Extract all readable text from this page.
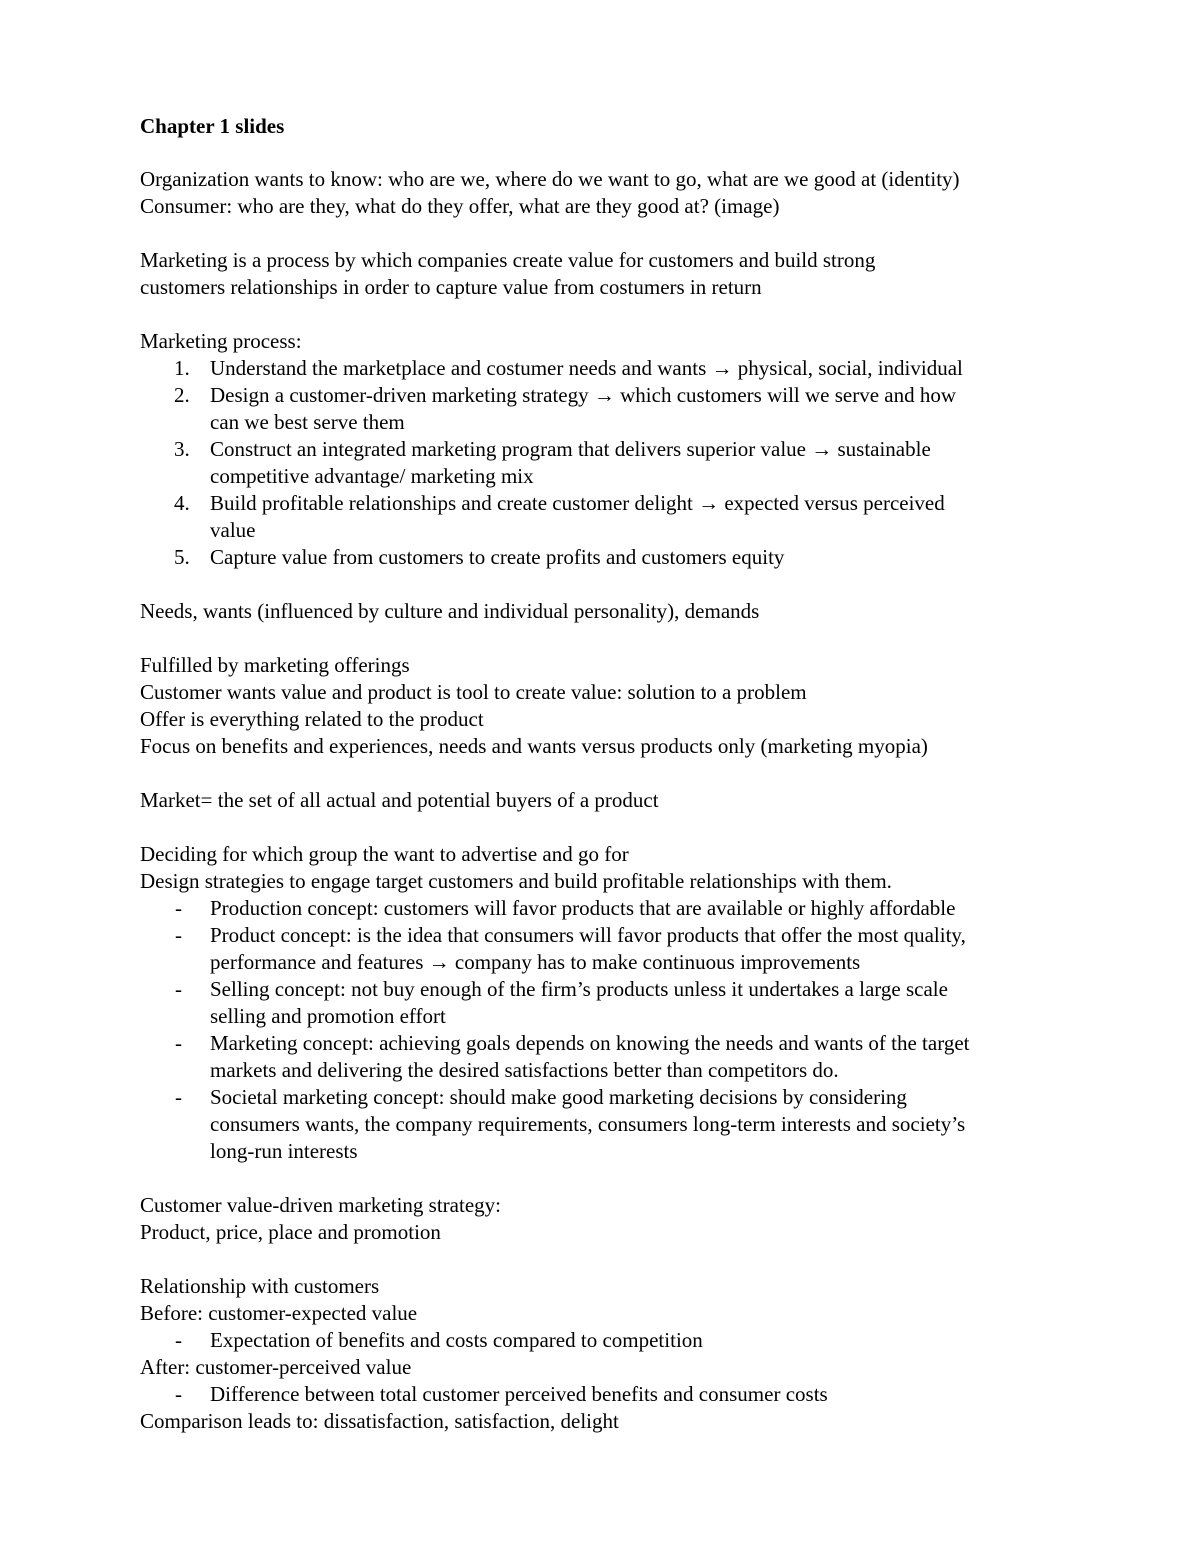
Chapter 1 slides
Organization wants to know: who are we, where do we want to go, what are we good at (identity)
Consumer: who are they, what do they offer, what are they good at? (image)
Marketing is a process by which companies create value for customers and build strong
customers relationships in order to capture value from costumers in return
Marketing process:
1. Understand the marketplace and costumer needs and wants → physical, social, individual
2. Design a customer-driven marketing strategy → which customers will we serve and how
can we best serve them
3. Construct an integrated marketing program that delivers superior value → sustainable
competitive advantage/ marketing mix
4. Build profitable relationships and create customer delight → expected versus perceived
value
5. Capture value from customers to create profits and customers equity
Needs, wants (influenced by culture and individual personality), demands
Fulfilled by marketing offerings
Customer wants value and product is tool to create value: solution to a problem
Offer is everything related to the product
Focus on benefits and experiences, needs and wants versus products only (marketing myopia)
Market= the set of all actual and potential buyers of a product
Deciding for which group the want to advertise and go for
Design strategies to engage target customers and build profitable relationships with them.
- Production concept: customers will favor products that are available or highly affordable
- Product concept: is the idea that consumers will favor products that offer the most quality,
performance and features → company has to make continuous improvements
- Selling concept: not buy enough of the firm’s products unless it undertakes a large scale
selling and promotion effort
- Marketing concept: achieving goals depends on knowing the needs and wants of the target
markets and delivering the desired satisfactions better than competitors do.
- Societal marketing concept: should make good marketing decisions by considering
consumers wants, the company requirements, consumers long-term interests and society’s
long-run interests
Customer value-driven marketing strategy:
Product, price, place and promotion
Relationship with customers
Before: customer-expected value
- Expectation of benefits and costs compared to competition
After: customer-perceived value
- Difference between total customer perceived benefits and consumer costs
Comparison leads to: dissatisfaction, satisfaction, delight
